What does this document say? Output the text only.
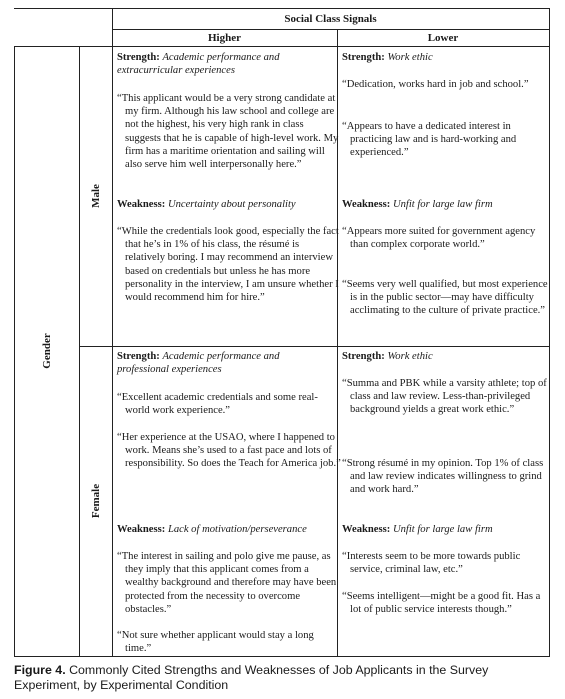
Social Class Signals
Higher	Lower
Gender
Male
Female
Strength: Academic performance and extracurricular experiences
“This applicant would be a very strong candidate at my firm. Although his law school and college are not the highest, his very high rank in class suggests that he is capable of high-level work. My firm has a maritime orientation and sailing will also serve him well interpersonally here.”
Weakness: Uncertainty about personality
“While the credentials look good, especially the fact that he’s in 1% of his class, the résumé is relatively boring. I may recommend an interview based on credentials but unless he has more personality in the interview, I am unsure whether I would recommend him for hire.”
Strength: Work ethic
“Dedication, works hard in job and school.”
“Appears to have a dedicated interest in practicing law and is hard-working and experienced.”
Weakness: Unfit for large law firm
“Appears more suited for government agency than complex corporate world.”
“Seems very well qualified, but most experience is in the public sector—may have difficulty acclimating to the culture of private practice.”
Strength: Academic performance and professional experiences
“Excellent academic credentials and some real-world work experience.”
“Her experience at the USAO, where I happened to work. Means she’s used to a fast pace and lots of responsibility. So does the Teach for America job.”
Weakness: Lack of motivation/perseverance
“The interest in sailing and polo give me pause, as they imply that this applicant comes from a wealthy background and therefore may have been protected from the necessity to overcome obstacles.”
“Not sure whether applicant would stay a long time.”
Strength: Work ethic
“Summa and PBK while a varsity athlete; top of class and law review. Less-than-privileged background yields a great work ethic.”
“Strong résumé in my opinion. Top 1% of class and law review indicates willingness to grind and work hard.”
Weakness: Unfit for large law firm
“Interests seem to be more towards public service, criminal law, etc.”
“Seems intelligent—might be a good fit. Has a lot of public service interests though.”
Figure 4. Commonly Cited Strengths and Weaknesses of Job Applicants in the Survey Experiment, by Experimental Condition
